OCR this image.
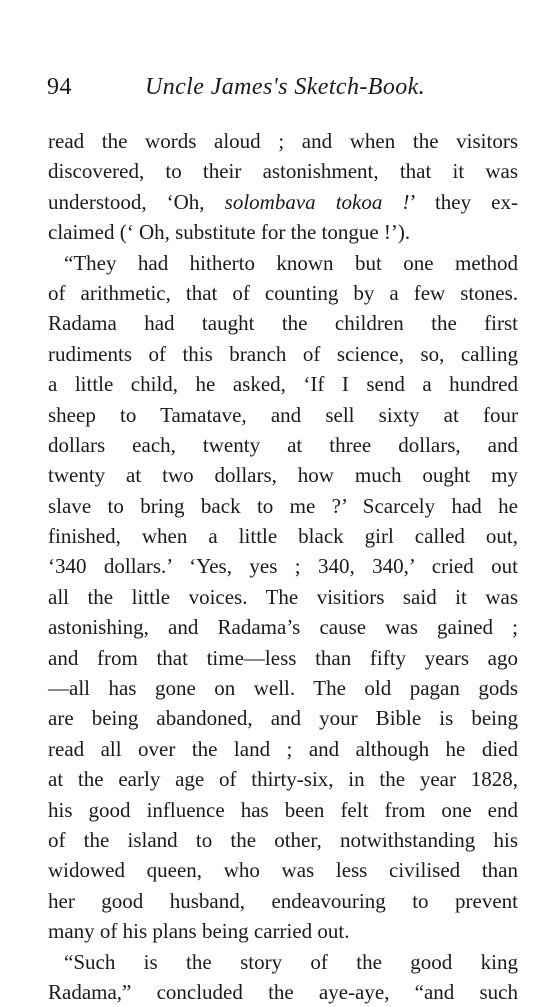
94	Uncle James's Sketch-Book.
read the words aloud ; and when the visitors
discovered, to their astonishment, that it was
understood, ‘Oh, solombava tokoa !’ they ex-
claimed (‘ Oh, substitute for the tongue !’).
“They had hitherto known but one method
of arithmetic, that of counting by a few stones.
Radama had taught the children the first
rudiments of this branch of science, so, calling
a little child, he asked, ‘If I send a hundred
sheep to Tamatave, and sell sixty at four
dollars each, twenty at three dollars, and
twenty at two dollars, how much ought my
slave to bring back to me ?’ Scarcely had he
finished, when a little black girl called out,
‘340 dollars.’ ‘Yes, yes ; 340, 340,’ cried out
all the little voices. The visitiors said it was
astonishing, and Radama’s cause was gained ;
and from that time—less than fifty years ago
—all has gone on well. The old pagan gods
are being abandoned, and your Bible is being
read all over the land ; and although he died
at the early age of thirty-six, in the year 1828,
his good influence has been felt from one end
of the island to the other, notwithstanding his
widowed queen, who was less civilised than
her good husband, endeavouring to prevent
many of his plans being carried out.
“Such is the story of the good king
Radama,” concluded the aye-aye, “and such
